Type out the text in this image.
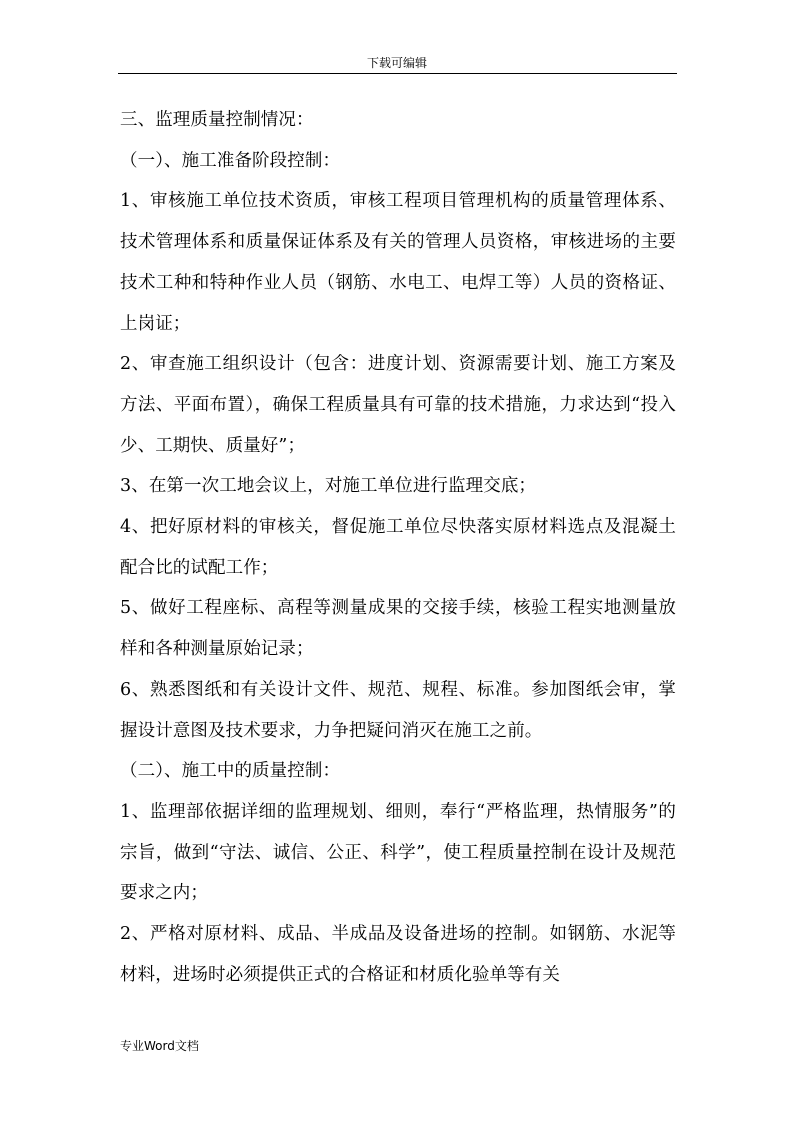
下载可编辑

三、监理质量控制情况：

（一）、施工准备阶段控制：

1、审核施工单位技术资质，审核工程项目管理机构的质量管理体系、技术管理体系和质量保证体系及有关的管理人员资格，审核进场的主要技术工种和特种作业人员（钢筋、水电工、电焊工等）人员的资格证、上岗证；

2、审查施工组织设计（包含：进度计划、资源需要计划、施工方案及方法、平面布置），确保工程质量具有可靠的技术措施，力求达到“投入少、工期快、质量好”；

3、在第一次工地会议上，对施工单位进行监理交底；

4、把好原材料的审核关，督促施工单位尽快落实原材料选点及混凝土配合比的试配工作；

5、做好工程座标、高程等测量成果的交接手续，核验工程实地测量放样和各种测量原始记录；

6、熟悉图纸和有关设计文件、规范、规程、标准。参加图纸会审，掌握设计意图及技术要求，力争把疑问消灭在施工之前。

（二）、施工中的质量控制：

1、监理部依据详细的监理规划、细则，奉行“严格监理，热情服务”的宗旨，做到“守法、诚信、公正、科学”，使工程质量控制在设计及规范要求之内；

2、严格对原材料、成品、半成品及设备进场的控制。如钢筋、水泥等材料，进场时必须提供正式的合格证和材质化验单等有关

专业Word文档
